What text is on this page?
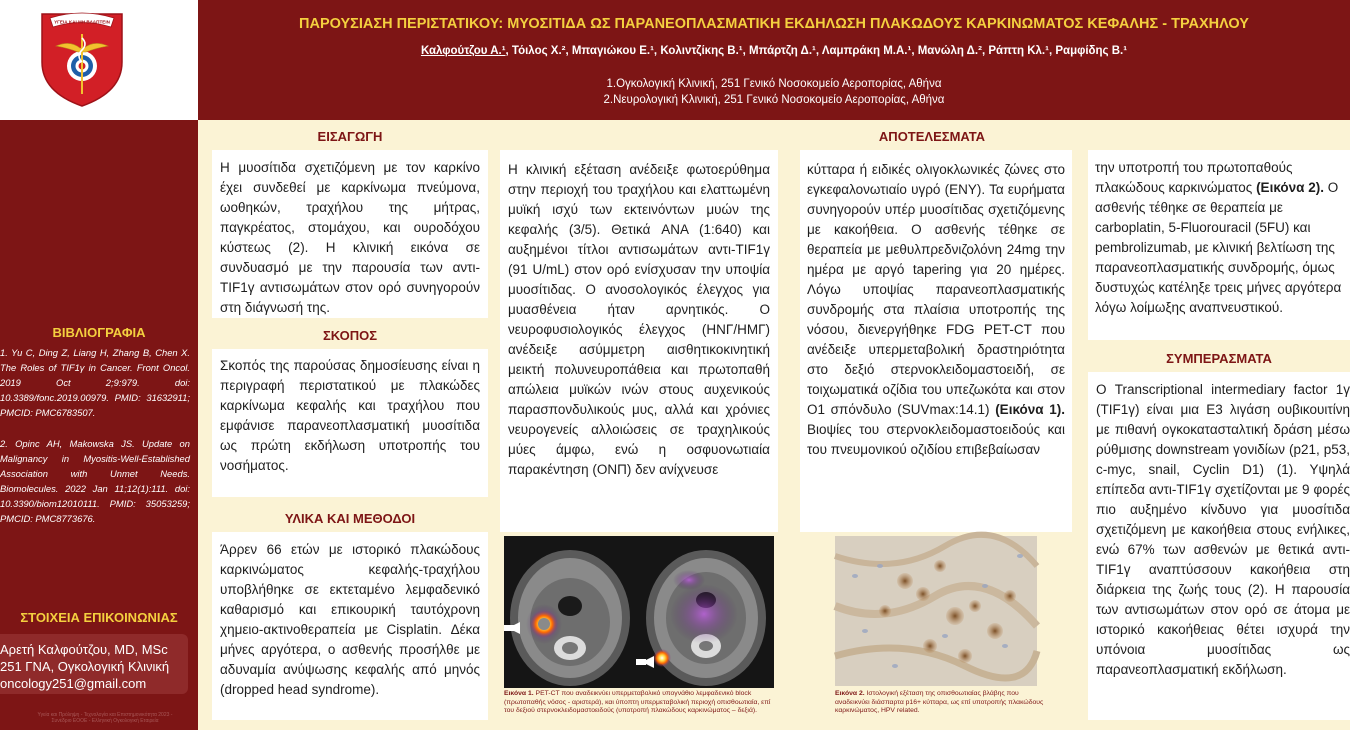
ΥΓΕΙΑ ΚΑΙ ΜΗ ΒΛΑΠΤΕΙΝ	ΠΑΡΟΥΣΙΑΣΗ ΠΕΡΙΣΤΑΤΙΚΟΥ: ΜΥΟΣΙΤΙΔΑ ΩΣ ΠΑΡΑΝΕΟΠΛΑΣΜΑΤΙΚΗ ΕΚΔΗΛΩΣΗ ΠΛΑΚΩΔΟΥΣ ΚΑΡΚΙΝΩΜΑΤΟΣ ΚΕΦΑΛΗΣ - ΤΡΑΧΗΛΟΥ
Καλφούτζου Α.¹, Τόιλος Χ.², Μπαγιώκου Ε.¹, Κολιντζίκης Β.¹, Μπάρτζη Δ.¹, Λαμπράκη Μ.Α.¹, Μανώλη Δ.², Ράπτη Κλ.¹, Ραμφίδης Β.¹
1.Ογκολογική Κλινική, 251 Γενικό Νοσοκομείο Αεροπορίας, Αθήνα
2.Νευρολογική Κλινική, 251 Γενικό Νοσοκομείο Αεροπορίας, Αθήνα
ΒΙΒΛΙΟΓΡΑΦΙΑ
1. Yu C, Ding Z, Liang H, Zhang B, Chen X. The Roles of TIF1γ in Cancer. Front Oncol. 2019 Oct 2;9:979. doi: 10.3389/fonc.2019.00979. PMID: 31632911; PMCID: PMC6783507.
2. Opinc AH, Makowska JS. Update on Malignancy in Myositis-Well-Established Association with Unmet Needs. Biomolecules. 2022 Jan 11;12(1):111. doi: 10.3390/biom12010111. PMID: 35053259; PMCID: PMC8773676.
ΣΤΟΙΧΕΙΑ ΕΠΙΚΟΙΝΩΝΙΑΣ
Αρετή Καλφούτζου, MD, MSc
251 ΓΝΑ, Ογκολογική Κλινική
oncology251@gmail.com
Υγεία και Πρόληψη - Τεχνολογία και Επιστημονικότητα 2023 - Συνέδριο ΕΟΟΕ - Ελληνική Ογκολογική Εταιρεία
ΕΙΣΑΓΩΓΗ
Η μυοσίτιδα σχετιζόμενη με τον καρκίνο έχει συνδεθεί με καρκίνωμα πνεύμονα, ωοθηκών, τραχήλου της μήτρας, παγκρέατος, στομάχου, και ουροδόχου κύστεως (2). Η κλινική εικόνα σε συνδυασμό με την παρουσία των αντι-TIF1γ αντισωμάτων στον ορό συνηγορούν στη διάγνωσή της.
ΣΚΟΠΟΣ
Σκοπός της παρούσας δημοσίευσης είναι η περιγραφή περιστατικού με πλακώδες καρκίνωμα κεφαλής και τραχήλου που εμφάνισε παρανεοπλασματική μυοσίτιδα ως πρώτη εκδήλωση υποτροπής του νοσήματος.
ΥΛΙΚΑ ΚΑΙ ΜΕΘΟΔΟΙ
Άρρεν 66 ετών με ιστορικό πλακώδους καρκινώματος κεφαλής-τραχήλου υποβλήθηκε σε εκτεταμένο λεμφαδενικό καθαρισμό και επικουρική ταυτόχρονη χημειο-ακτινοθεραπεία με Cisplatin. Δέκα μήνες αργότερα, ο ασθενής προσήλθε με αδυναμία ανύψωσης κεφαλής από μηνός (dropped head syndrome).
Η κλινική εξέταση ανέδειξε φωτοερύθημα στην περιοχή του τραχήλου και ελαττωμένη μυϊκή ισχύ των εκτεινόντων μυών της κεφαλής (3/5). Θετικά ANA (1:640) και αυξημένοι τίτλοι αντισωμάτων αντι-TIF1γ (91 U/mL) στον ορό ενίσχυσαν την υποψία μυοσίτιδας. Ο ανοσολογικός έλεγχος για μυασθένεια ήταν αρνητικός. Ο νευροφυσιολογικός έλεγχος (ΗΝΓ/ΗΜΓ) ανέδειξε ασύμμετρη αισθητικοκινητική μεικτή πολυνευροπάθεια και πρωτοπαθή απώλεια μυϊκών ινών στους αυχενικούς παρασπονδυλικούς μυς, αλλά και χρόνιες νευρογενείς αλλοιώσεις σε τραχηλικούς μύες άμφω, ενώ η οσφυονωτιαία παρακέντηση (ΟΝΠ) δεν ανίχνευσε
Εικόνα 1. PET-CT που αναδεικνύει υπερμεταβολικό υπογνάθιο λεμφαδενικό block (πρωτοπαθής νόσος - αριστερά), και ύποπτη υπερμεταβολική περιοχή οπισθοωτιαία, επί του δεξιού στερνοκλειδομαστοειδούς (υποτροπή πλακώδους καρκινώματος – δεξιά).
ΑΠΟΤΕΛΕΣΜΑΤΑ
κύτταρα ή ειδικές ολιγοκλωνικές ζώνες στο εγκεφαλονωτιαίο υγρό (ΕΝΥ). Τα ευρήματα συνηγορούν υπέρ μυοσίτιδας σχετιζόμενης με κακοήθεια. Ο ασθενής τέθηκε σε θεραπεία με μεθυλπρεδνιζολόνη 24mg την ημέρα με αργό tapering για 20 ημέρες. Λόγω υποψίας παρανεοπλασματικής συνδρομής στα πλαίσια υποτροπής της νόσου, διενεργήθηκε FDG PET-CT που ανέδειξε υπερμεταβολική δραστηριότητα στο δεξιό στερνοκλειδομαστοειδή, σε τοιχωματικά οζίδια του υπεζωκότα και στον Ο1 σπόνδυλο (SUVmax:14.1) (Εικόνα 1). Βιοψίες του στερνοκλειδομαστοειδούς και του πνευμονικού οζιδίου επιβεβαίωσαν
Εικόνα 2. Ιστολογική εξέταση της οπισθοωτιαίας βλάβης που αναδεικνύει διάσπαρτα p16+ κύτταρα, ως επί υποτροπής πλακώδους καρκινώματος, HPV related.
την υποτροπή του πρωτοπαθούς πλακώδους καρκινώματος (Εικόνα 2). Ο ασθενής τέθηκε σε θεραπεία με carboplatin, 5-Fluorouracil (5FU) και pembrolizumab, με κλινική βελτίωση της παρανεοπλασματικής συνδρομής, όμως δυστυχώς κατέληξε τρεις μήνες αργότερα λόγω λοίμωξης αναπνευστικού.
ΣΥΜΠΕΡΑΣΜΑΤΑ
Ο Transcriptional intermediary factor 1γ (TIF1γ) είναι μια Ε3 λιγάση ουβικουιτίνη με πιθανή ογκοκατασταλτική δράση μέσω ρύθμισης downstream γονιδίων (p21, p53, c-myc, snail, Cyclin D1) (1). Υψηλά επίπεδα αντι-TIF1γ σχετίζονται με 9 φορές πιο αυξημένο κίνδυνο για μυοσίτιδα σχετιζόμενη με κακοήθεια στους ενήλικες, ενώ 67% των ασθενών με θετικά αντι-TIF1γ αναπτύσσουν κακοήθεια στη διάρκεια της ζωής τους (2). Η παρουσία των αντισωμάτων στον ορό σε άτομα με ιστορικό κακοήθειας θέτει ισχυρά την υπόνοια μυοσίτιδας ως παρανεοπλασματική εκδήλωση.
